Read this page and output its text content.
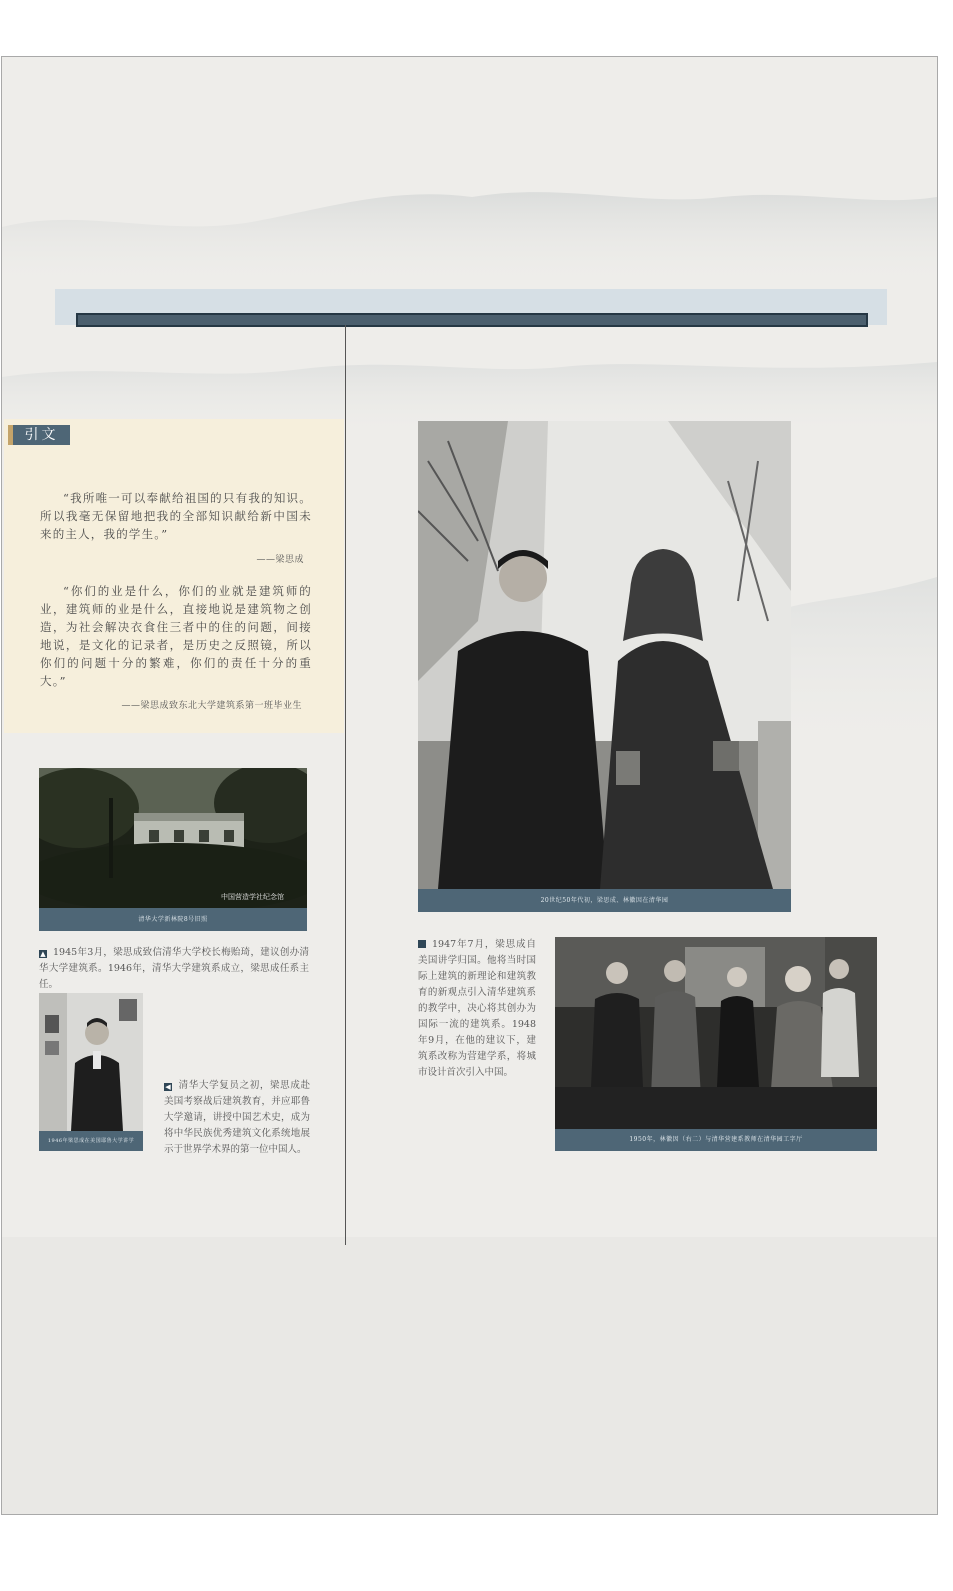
引文

“我所唯一可以奉献给祖国的只有我的知识。所以我毫无保留地把我的全部知识献给新中国未来的主人，我的学生。”

——梁思成

“你们的业是什么，你们的业就是建筑师的业，建筑师的业是什么，直接地说是建筑物之创造，为社会解决衣食住三者中的住的问题，间接地说，是文化的记录者，是历史之反照镜，所以你们的问题十分的繁难，你们的责任十分的重大。”

——梁思成致东北大学建筑系第一班毕业生
中国营造学社纪念馆
清华大学新林院8号旧照

▲ 1945年3月，梁思成致信清华大学校长梅贻琦，建议创办清华大学建筑系。1946年，清华大学建筑系成立，梁思成任系主任。

1946年梁思成在美国耶鲁大学讲学

◀ 清华大学复员之初，梁思成赴美国考察战后建筑教育，并应耶鲁大学邀请，讲授中国艺术史，成为将中华民族优秀建筑文化系统地展示于世界学术界的第一位中国人。

20世纪50年代初，梁思成、林徽因在清华园

1947年7月，梁思成自美国讲学归国。他将当时国际上建筑的新理论和建筑教育的新观点引入清华建筑系的教学中，决心将其创办为国际一流的建筑系。1948年9月，在他的建议下，建筑系改称为营建学系，将城市设计首次引入中国。

1950年，林徽因（右二）与清华营建系教师在清华园工字厅
